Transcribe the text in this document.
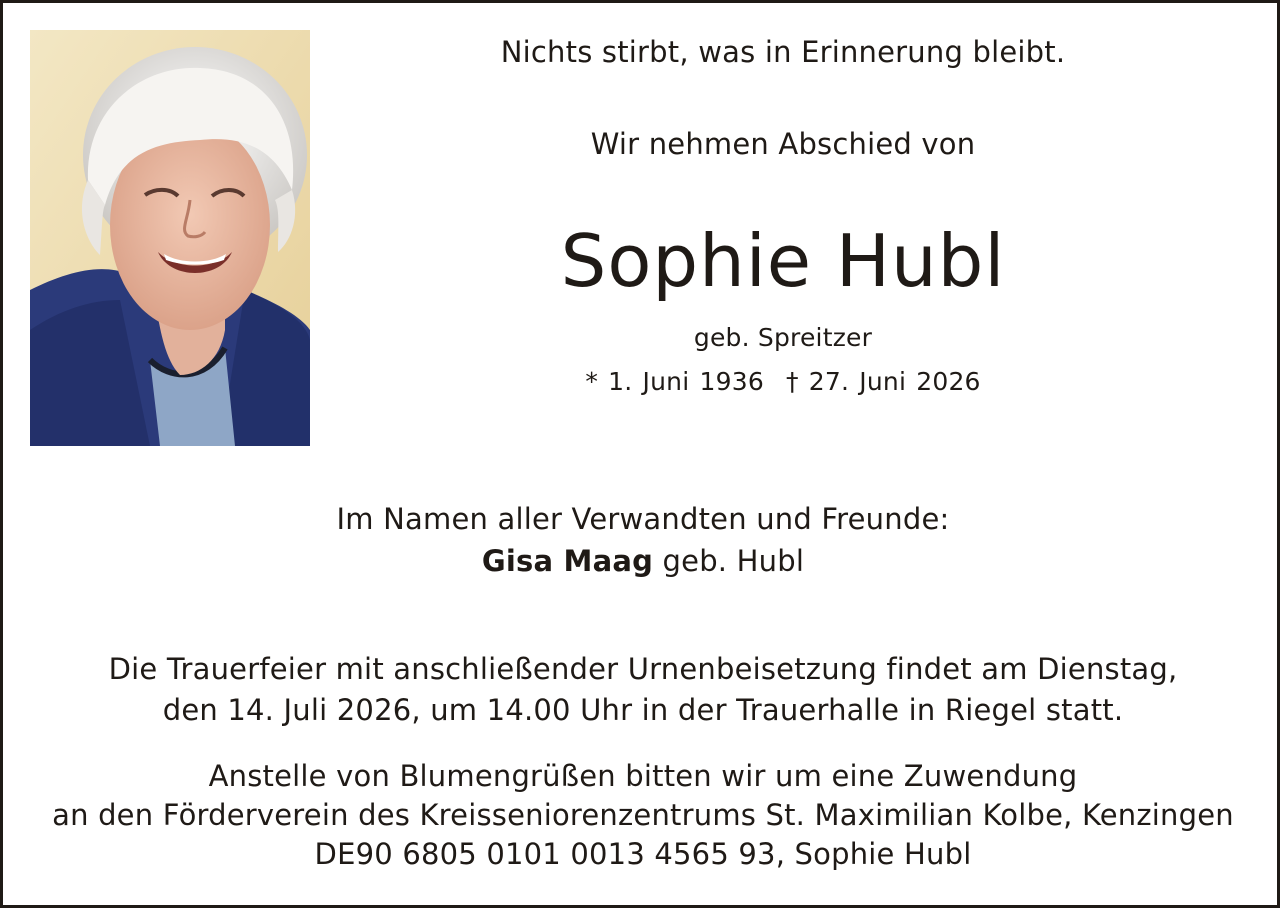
Nichts stirbt, was in Erinnerung bleibt.
Wir nehmen Abschied von
Sophie Hubl
geb. Spreitzer
* 1. Juni 1936 † 27. Juni 2026
Im Namen aller Verwandten und Freunde:
Gisa Maag geb. Hubl
Die Trauerfeier mit anschließender Urnenbeisetzung findet am Dienstag,
den 14. Juli 2026, um 14.00 Uhr in der Trauerhalle in Riegel statt.
Anstelle von Blumengrüßen bitten wir um eine Zuwendung
an den Förderverein des Kreisseniorenzentrums St. Maximilian Kolbe, Kenzingen
DE90 6805 0101 0013 4565 93, Sophie Hubl
